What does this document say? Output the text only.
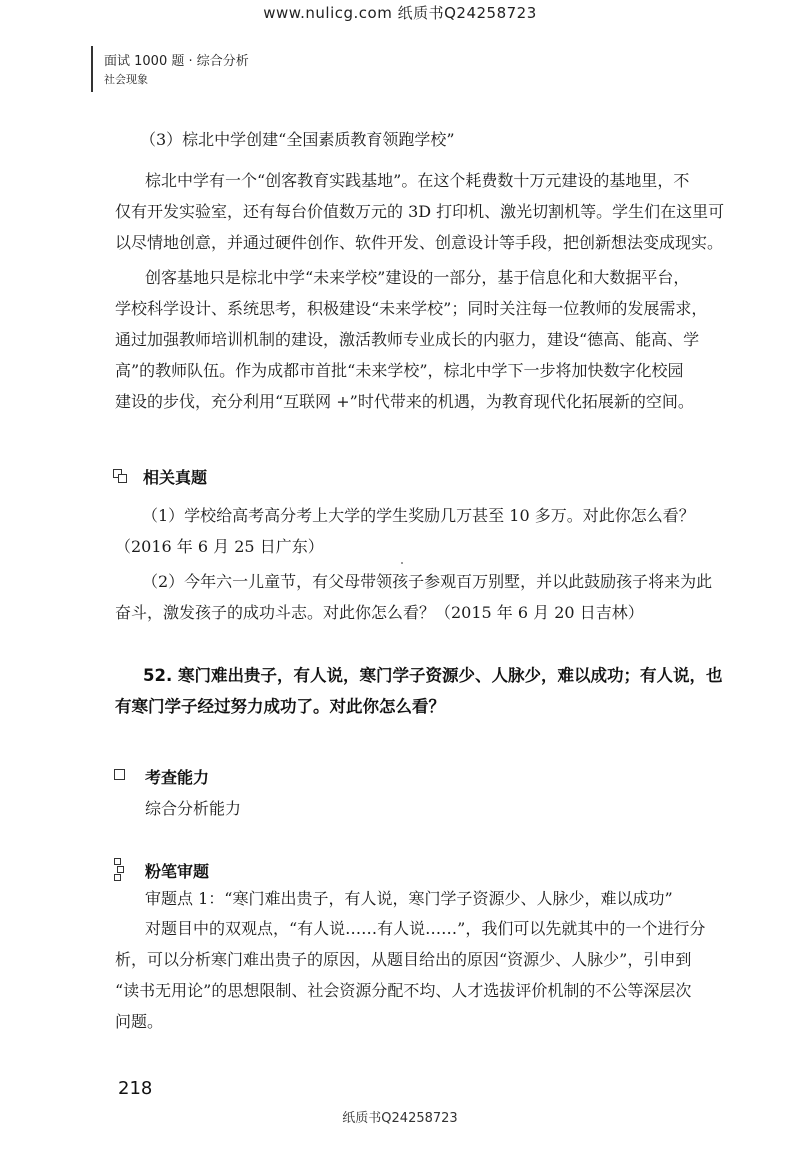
www.nulicg.com 纸质书Q24258723
面试 1000 题 · 综合分析
社会现象
（3）棕北中学创建“全国素质教育领跑学校”
棕北中学有一个“创客教育实践基地”。在这个耗费数十万元建设的基地里，不
仅有开发实验室，还有每台价值数万元的 3D 打印机、激光切割机等。学生们在这里可
以尽情地创意，并通过硬件创作、软件开发、创意设计等手段，把创新想法变成现实。
创客基地只是棕北中学“未来学校”建设的一部分，基于信息化和大数据平台，
学校科学设计、系统思考，积极建设“未来学校”；同时关注每一位教师的发展需求，
通过加强教师培训机制的建设，激活教师专业成长的内驱力，建设“德高、能高、学
高”的教师队伍。作为成都市首批“未来学校”，棕北中学下一步将加快数字化校园
建设的步伐，充分利用“互联网 +”时代带来的机遇，为教育现代化拓展新的空间。
相关真题
（1）学校给高考高分考上大学的学生奖励几万甚至 10 多万。对此你怎么看？
（2016 年 6 月 25 日广东）
（2）今年六一儿童节，有父母带领孩子参观百万别墅，并以此鼓励孩子将来为此
奋斗，激发孩子的成功斗志。对此你怎么看？（2015 年 6 月 20 日吉林）
52. 寒门难出贵子，有人说，寒门学子资源少、人脉少，难以成功；有人说，也
有寒门学子经过努力成功了。对此你怎么看？
考查能力
综合分析能力
粉笔审题
审题点 1：“寒门难出贵子，有人说，寒门学子资源少、人脉少，难以成功”
对题目中的双观点，“有人说……有人说……”，我们可以先就其中的一个进行分
析，可以分析寒门难出贵子的原因，从题目给出的原因“资源少、人脉少”，引申到
“读书无用论”的思想限制、社会资源分配不均、人才选拔评价机制的不公等深层次
问题。
218
纸质书Q24258723
